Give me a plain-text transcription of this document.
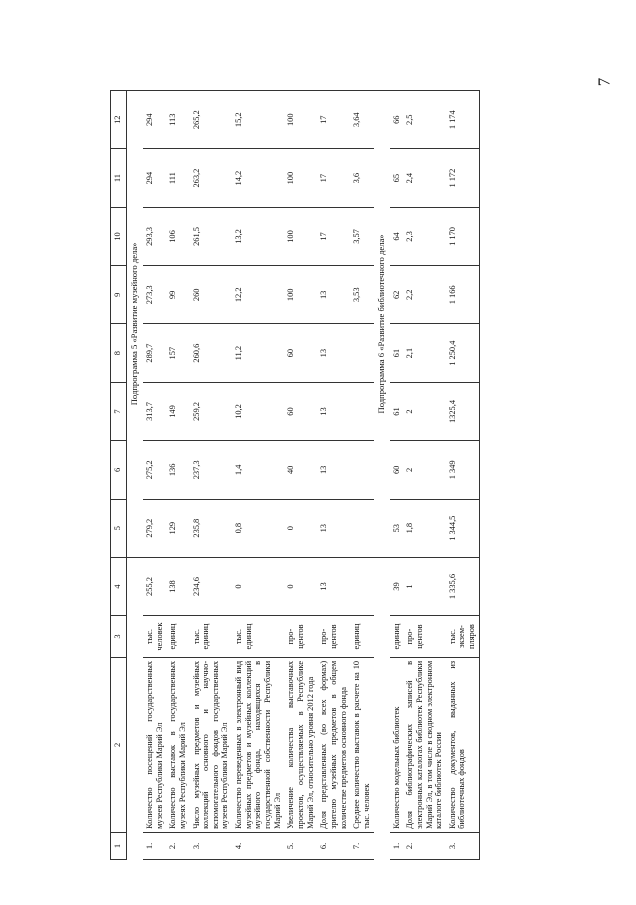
7
1	2	3	4	5	6	7	8	9	10	11	12
				Подпрограмма 5 «Развитие музейного дела»							
1.	Количество посещений государственных музеев Республики Марий Эл	тыс. человек	255,2	279,2	275,2	313,7	289,7	273,3	293,3	294	294
2.	Количество выставок в государственных музеях Республики Марий Эл	единиц	138	129	136	149	157	99	106	111	113
3.	Число музейных предметов и музейных коллекций основного и научно-вспомогательного фондов государственных музеев Республики Марий Эл	тыс. единиц	234,6	235,8	237,3	259,2	260,6	260	261,5	263,2	265,2
4.	Количество переведенных в электронный вид музейных предметов и музейных коллекций музейного фонда, находящихся в государственной собственности Республики Марий Эл	тыс. единиц	0	0,8	1,4	10,2	11,2	12,2	13,2	14,2	15,2
5.	Увеличение количества выставочных проектов, осуществляемых в Республике Марий Эл, относительно уровня 2012 года	про-центов	0	0	40	60	60	100	100	100	100
6.	Доля представленных (во всех формах) зрителю музейных предметов в общем количестве предметов основного фонда	про-центов	13	13	13	13	13	13	17	17	17
7.	Среднее количество выставок в расчете на 10 тыс. человек	единиц						3,53	3,57	3,6	3,64
				Подпрограмма 6 «Развитие библиотечного дела»							
1.	Количество модельных библиотек	единиц	39	53	60	61	61	62	64	65	66
2.	Доля библиографических записей в электронных каталогах библиотек Республики Марий Эл, в том числе в сводном электронном каталоге библиотек России	про-центов	1	1,8	2	2	2,1	2,2	2,3	2,4	2,5
3.	Количество документов, выданных из библиотечных фондов	тыс. экзем-пляров	1 335,6	1 344,5	1 349	1325,4	1 250,4	1 166	1 170	1 172	1 174
